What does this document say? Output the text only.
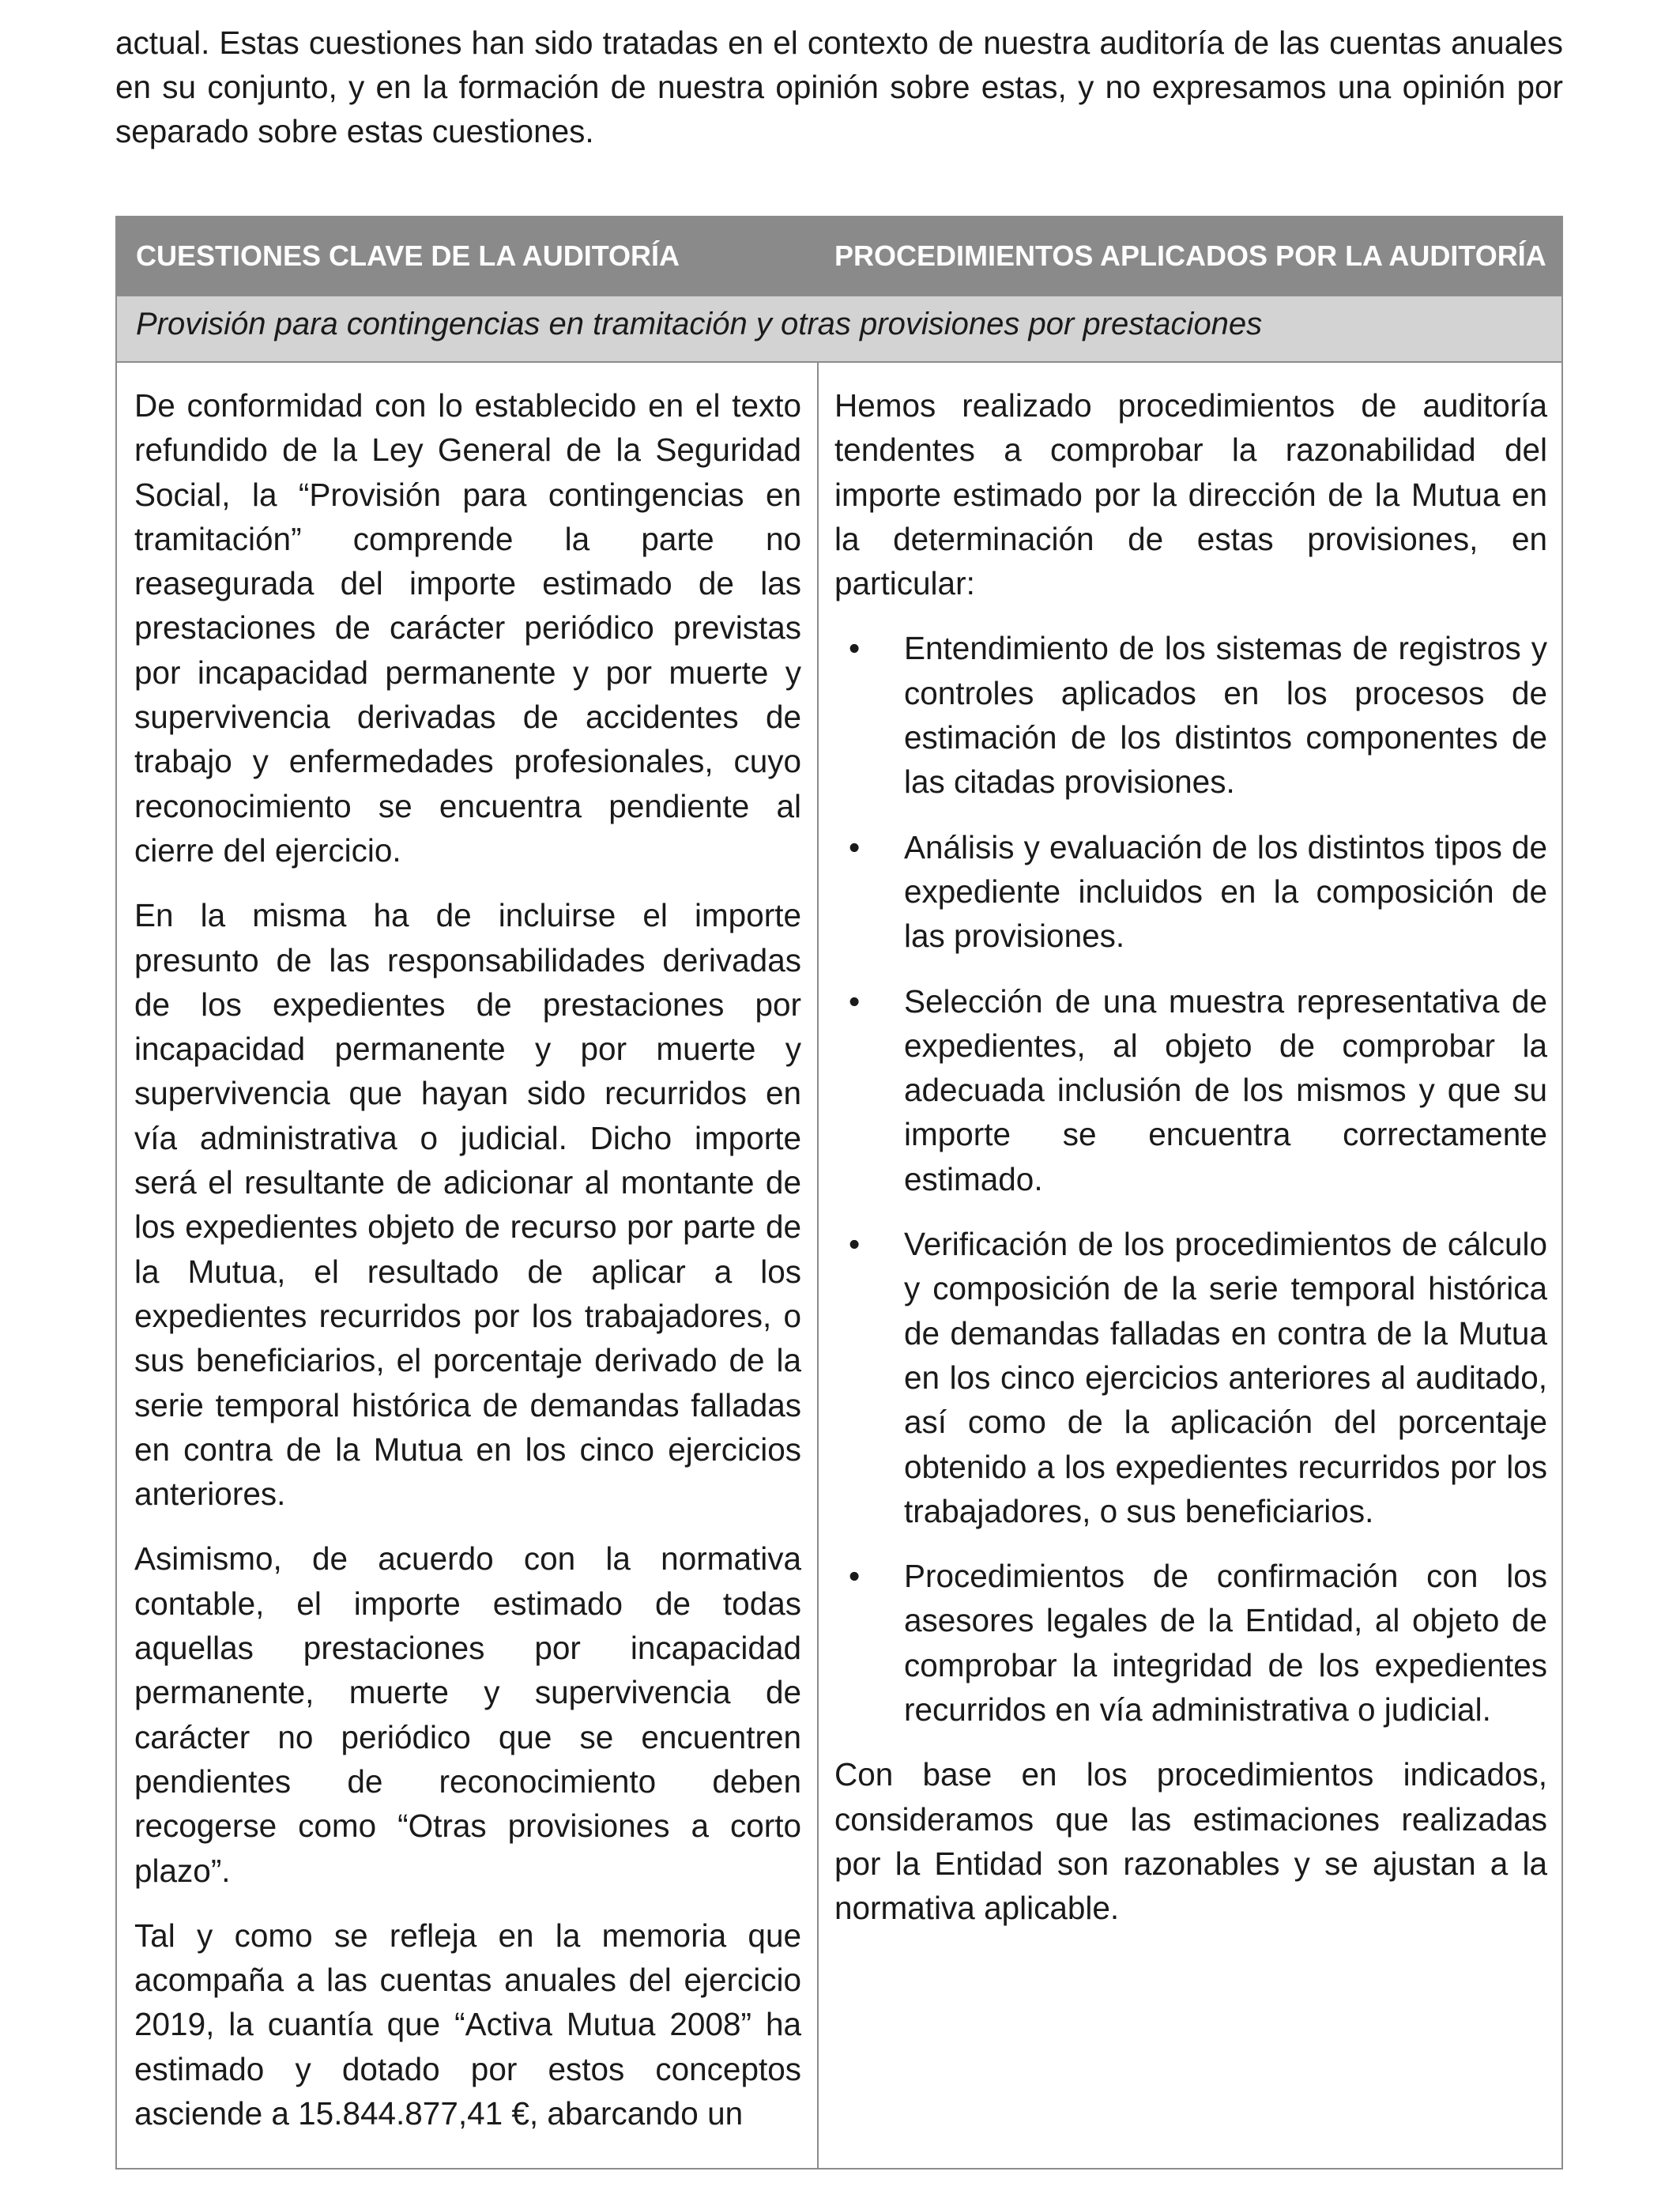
actual. Estas cuestiones han sido tratadas en el contexto de nuestra auditoría de las cuentas anuales en su conjunto, y en la formación de nuestra opinión sobre estas, y no expresamos una opinión por separado sobre estas cuestiones.

CUESTIONES CLAVE DE LA AUDITORÍA	PROCEDIMIENTOS APLICADOS POR LA AUDITORÍA
Provisión para contingencias en tramitación y otras provisiones por prestaciones

De conformidad con lo establecido en el texto refundido de la Ley General de la Seguridad Social, la “Provisión para contingencias en tramitación” comprende la parte no reasegurada del importe estimado de las prestaciones de carácter periódico previstas por incapacidad permanente y por muerte y supervivencia derivadas de accidentes de trabajo y enfermedades profesionales, cuyo reconocimiento se encuentra pendiente al cierre del ejercicio.

En la misma ha de incluirse el importe presunto de las responsabilidades derivadas de los expedientes de prestaciones por incapacidad permanente y por muerte y supervivencia que hayan sido recurridos en vía administrativa o judicial. Dicho importe será el resultante de adicionar al montante de los expedientes objeto de recurso por parte de la Mutua, el resultado de aplicar a los expedientes recurridos por los trabajadores, o sus beneficiarios, el porcentaje derivado de la serie temporal histórica de demandas falladas en contra de la Mutua en los cinco ejercicios anteriores.

Asimismo, de acuerdo con la normativa contable, el importe estimado de todas aquellas prestaciones por incapacidad permanente, muerte y supervivencia de carácter no periódico que se encuentren pendientes de reconocimiento deben recogerse como “Otras provisiones a corto plazo”.

Tal y como se refleja en la memoria que acompaña a las cuentas anuales del ejercicio 2019, la cuantía que “Activa Mutua 2008” ha estimado y dotado por estos conceptos asciende a 15.844.877,41 €, abarcando un

Hemos realizado procedimientos de auditoría tendentes a comprobar la razonabilidad del importe estimado por la dirección de la Mutua en la determinación de estas provisiones, en particular:

• Entendimiento de los sistemas de registros y controles aplicados en los procesos de estimación de los distintos componentes de las citadas provisiones.
• Análisis y evaluación de los distintos tipos de expediente incluidos en la composición de las provisiones.
• Selección de una muestra representativa de expedientes, al objeto de comprobar la adecuada inclusión de los mismos y que su importe se encuentra correctamente estimado.
• Verificación de los procedimientos de cálculo y composición de la serie temporal histórica de demandas falladas en contra de la Mutua en los cinco ejercicios anteriores al auditado, así como de la aplicación del porcentaje obtenido a los expedientes recurridos por los trabajadores, o sus beneficiarios.
• Procedimientos de confirmación con los asesores legales de la Entidad, al objeto de comprobar la integridad de los expedientes recurridos en vía administrativa o judicial.

Con base en los procedimientos indicados, consideramos que las estimaciones realizadas por la Entidad son razonables y se ajustan a la normativa aplicable.
